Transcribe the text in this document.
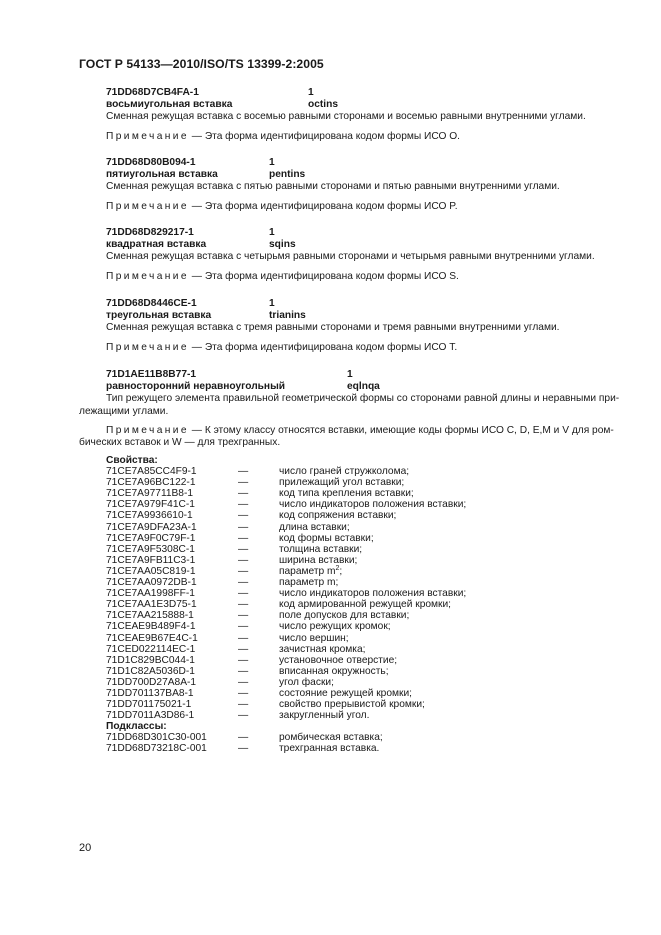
ГОСТ Р 54133—2010/ISO/TS 13399-2:2005
71DD68D7CB4FA-1	1
восьмиугольная вставка	octins
Сменная режущая вставка с восемью равными сторонами и восемью равными внутренними углами.
Примечание — Эта форма идентифицирована кодом формы ИСО O.
71DD68D80B094-1	1
пятиугольная вставка	pentins
Сменная режущая вставка с пятью равными сторонами и пятью равными внутренними углами.
Примечание — Эта форма идентифицирована кодом формы ИСО P.
71DD68D829217-1	1
квадратная вставка	sqins
Сменная режущая вставка с четырьмя равными сторонами и четырьмя равными внутренними углами.
Примечание — Эта форма идентифицирована кодом формы ИСО S.
71DD68D8446CE-1	1
треугольная вставка	trianins
Сменная режущая вставка с тремя равными сторонами и тремя равными внутренними углами.
Примечание — Эта форма идентифицирована кодом формы ИСО T.
71D1AE11B8B77-1	1
равносторонний неравноугольный	eqlnqa
Тип режущего элемента правильной геометрической формы со сторонами равной длины и неравными при-
лежащими углами.
Примечание — К этому классу относятся вставки, имеющие коды формы ИСО C, D, E,M и V для ром-
бических вставок и W — для трехгранных.
Свойства:
71CE7A85CC4F9-1	—	число граней стружколома;
71CE7A96BC122-1	—	прилежащий угол вставки;
71CE7A97711B8-1	—	код типа крепления вставки;
71CE7A979F41C-1	—	число индикаторов положения вставки;
71CE7A9936610-1	—	код сопряжения вставки;
71CE7A9DFA23A-1	—	длина вставки;
71CE7A9F0C79F-1	—	код формы вставки;
71CE7A9F5308C-1	—	толщина вставки;
71CE7A9FB11C3-1	—	ширина вставки;
71CE7AA05C819-1	—	параметр $m^2$;
71CE7AA0972DB-1	—	параметр m;
71CE7AA1998FF-1	—	число индикаторов положения вставки;
71CE7AA1E3D75-1	—	код армированной режущей кромки;
71CE7AA215888-1	—	поле допусков для вставки;
71CEAE9B489F4-1	—	число режущих кромок;
71CEAE9B67E4C-1	—	число вершин;
71CED022114EC-1	—	зачистная кромка;
71D1C829BC044-1	—	установочное отверстие;
71D1C82A5036D-1	—	вписанная окружность;
71DD700D27A8A-1	—	угол фаски;
71DD701137BA8-1	—	состояние режущей кромки;
71DD701175021-1	—	свойство прерывистой кромки;
71DD7011A3D86-1	—	закругленный угол.
Подклассы:
71DD68D301C30-001	—	ромбическая вставка;
71DD68D73218C-001	—	трехгранная вставка.
20
